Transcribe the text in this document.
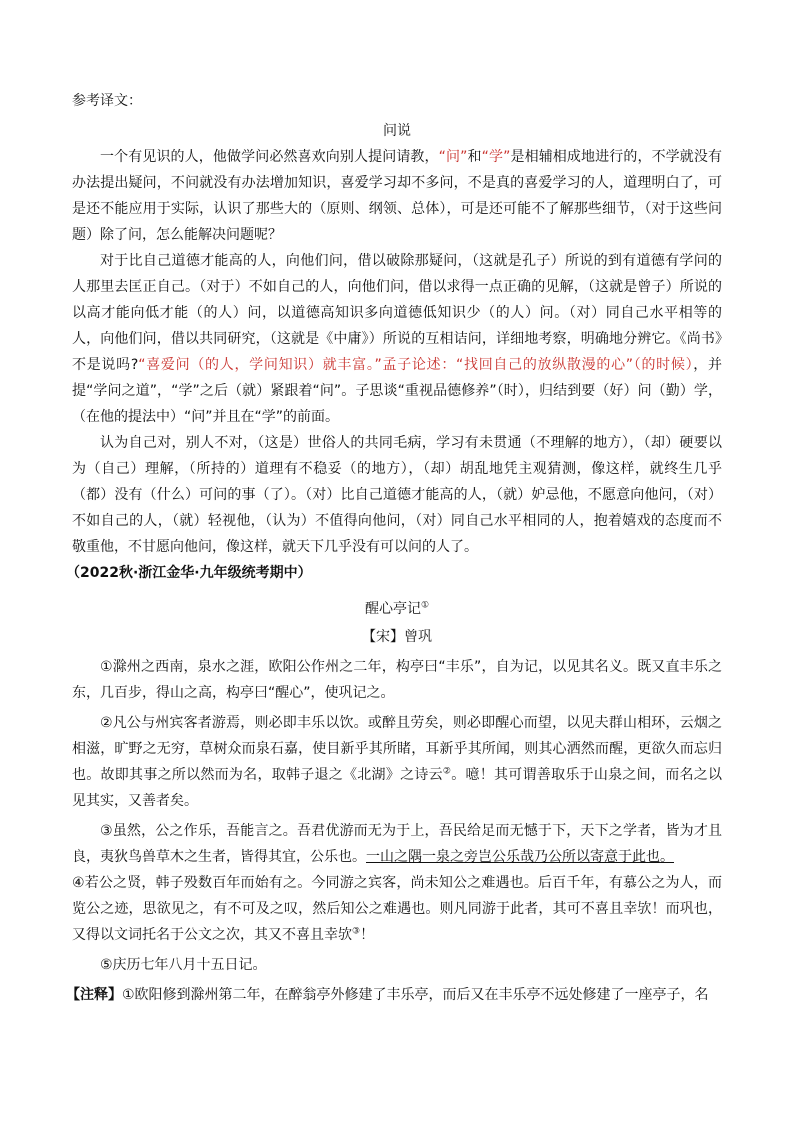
参考译文：

问说

一个有见识的人，他做学问必然喜欢向别人提问请教，“问”和“学”是相辅相成地进行的，不学就没有办法提出疑问，不问就没有办法增加知识，喜爱学习却不多问，不是真的喜爱学习的人，道理明白了，可是还不能应用于实际，认识了那些大的（原则、纲领、总体），可是还可能不了解那些细节，（对于这些问题）除了问，怎么能解决问题呢？

对于比自己道德才能高的人，向他们问，借以破除那疑问，（这就是孔子）所说的到有道德有学问的人那里去匡正自己。（对于）不如自己的人，向他们问，借以求得一点正确的见解，（这就是曾子）所说的以高才能向低才能（的人）问，以道德高知识多向道德低知识少（的人）问。（对）同自己水平相等的人，向他们问，借以共同研究，（这就是《中庸》）所说的互相诘问，详细地考察，明确地分辨它。《尚书》不是说吗?“喜爱问（的人，学问知识）就丰富。”孟子论述：“找回自己的放纵散漫的心”（的时候），并提“学问之道”，“学”之后（就）紧跟着“问”。子思谈“重视品德修养”（时），归结到要（好）问（勤）学，（在他的提法中）“问”并且在“学”的前面。

认为自己对，别人不对，（这是）世俗人的共同毛病，学习有未贯通（不理解的地方），（却）硬要以为（自己）理解，（所持的）道理有不稳妥（的地方），（却）胡乱地凭主观猜测，像这样，就终生几乎（都）没有（什么）可问的事（了）。（对）比自己道德才能高的人，（就）妒忌他，不愿意向他问，（对）不如自己的人，（就）轻视他，（认为）不值得向他问，（对）同自己水平相同的人，抱着嬉戏的态度而不敬重他，不甘愿向他问，像这样，就天下几乎没有可以问的人了。

（2022秋·浙江金华·九年级统考期中）

醒心亭记①

【宋】曾巩

①滁州之西南，泉水之涯，欧阳公作州之二年，构亭曰“丰乐”，自为记，以见其名义。既又直丰乐之东，几百步，得山之高，构亭曰“醒心”，使巩记之。

②凡公与州宾客者游焉，则必即丰乐以饮。或醉且劳矣，则必即醒心而望，以见夫群山相环，云烟之相滋，旷野之无穷，草树众而泉石嘉，使目新乎其所睹，耳新乎其所闻，则其心洒然而醒，更欲久而忘归也。故即其事之所以然而为名，取韩子退之《北湖》之诗云②。噫！其可谓善取乐于山泉之间，而名之以见其实，又善者矣。

③虽然，公之作乐，吾能言之。吾君优游而无为于上，吾民给足而无憾于下，天下之学者，皆为才且良，夷狄鸟兽草木之生者，皆得其宜，公乐也。一山之隅一泉之旁岂公乐哉乃公所以寄意于此也。

④若公之贤，韩子殁数百年而始有之。今同游之宾客，尚未知公之难遇也。后百千年，有慕公之为人，而览公之迹，思欲见之，有不可及之叹，然后知公之难遇也。则凡同游于此者，其可不喜且幸欤！而巩也，又得以文词托名于公文之次，其又不喜且幸欤③！

⑤庆历七年八月十五日记。

【注释】①欧阳修到滁州第二年，在醉翁亭外修建了丰乐亭，而后又在丰乐亭不远处修建了一座亭子，名
